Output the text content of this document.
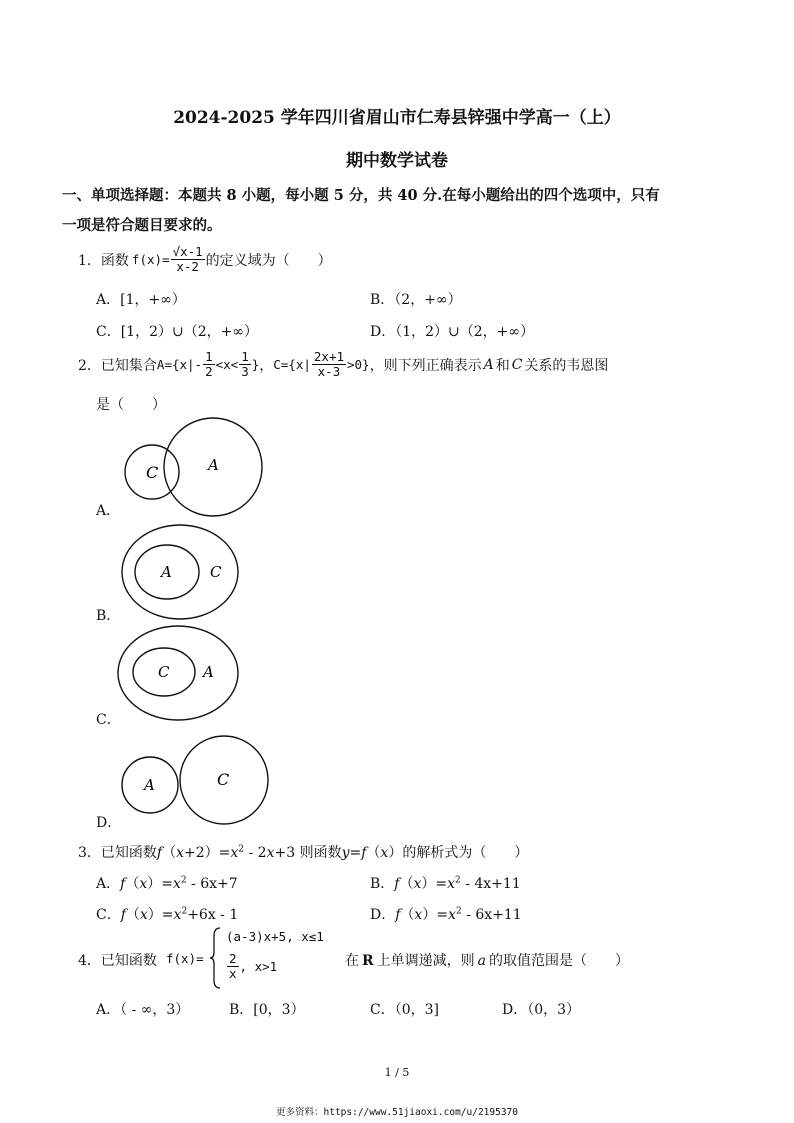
2024-2025 学年四川省眉山市仁寿县锌强中学高一（上）
期中数学试卷
一、单项选择题：本题共 8 小题，每小题 5 分，共 40 分.在每小题给出的四个选项中，只有
一项是符合题目要求的。
1．函数 $f(x)= \frac{√x-1}{x-2}$ 的定义域为（　　）
A．[1，+∞）	B．（2，+∞）
C．[1，2）∪（2，+∞）	D．（1，2）∪（2，+∞）
2．已知集合 $A=\{x|- \frac{1}{2} <x< \frac{1}{3}$ } ， $C=\{x| \frac{2x+1}{x-3} >0\}$ ，则下列正确表示 A 和 C 关系的韦恩图
是（　　）
A．
C	A
B．
A	C
C．
C A
D．
A	C
3．已知函数$f(x+2)=x^2 - 2x+3$ 则函数y=f（x）的解析式为（　　）
A．$f(x)=x^2 - 6x+7$	B．$f(x)=x^2 - 4x+11$
C．$f(x)=x^2+6x - 1$	D．$f(x)=x^2 - 6x+11$
4．已知函数 f(x)=
(a-3)x+5, x≤1
$\frac{2}{x}$ , x>1	在 R 上单调递减，则 a 的取值范围是（　　）
A．（ - ∞，3）	B．[0，3）	C．（0，3]	D．（0，3）
1 / 5
更多资料：https://www.51jiaoxi.com/u/2195370
